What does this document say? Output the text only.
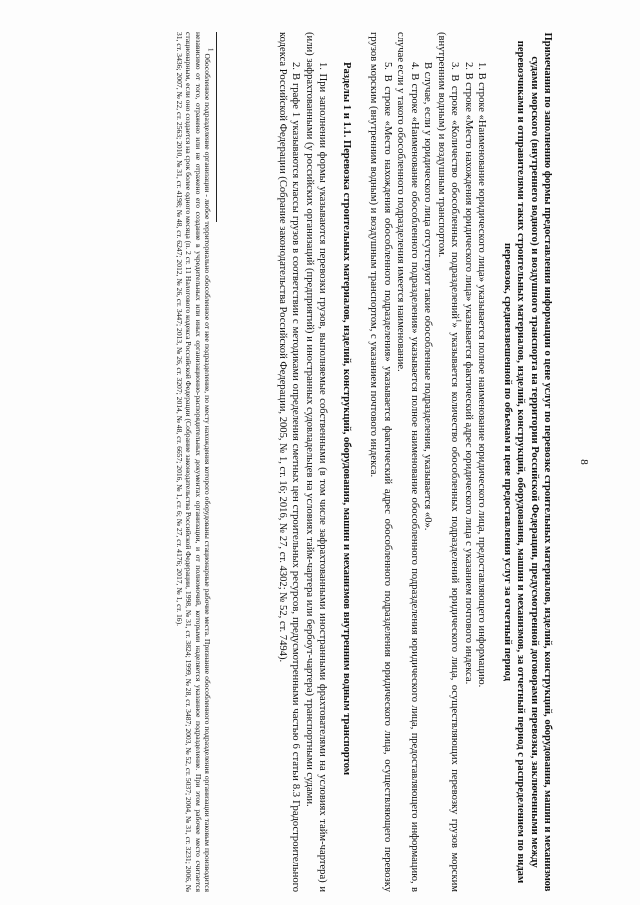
8

Примечания по заполнению формы предоставления информации о цене услуг по перевозке строительных материалов, изделий, конструкций, оборудования, машин и механизмов судами морского (внутреннего водного) и воздушного транспорта на территории Российской Федерации, предусмотренной договорами перевозки, заключенными между перевозчиками и отправителями таких строительных материалов, изделий, конструкций, оборудования, машин и механизмов, за отчетный период с распределением по видам перевозок, средневзвешенной по объемам и цене предоставления услуг за отчетный период

1. В строке «Наименование юридического лица» указывается полное наименование юридического лица, предоставляющего информацию.

2. В строке «Место нахождения юридического лица» указывается фактический адрес юридического лица с указанием почтового индекса.

3. В строке «Количество обособленных подразделений$^1$» указывается количество обособленных подразделений юридического лица, осуществляющих перевозку грузов морским (внутренним водным) и воздушным транспортом.

В случае, если у юридического лица отсутствуют такие обособленные подразделения, указывается «0».

4. В строке «Наименование обособленного подразделения» указывается полное наименование обособленного подразделения юридического лица, предоставляющего информацию, в случае если у такого обособленного подразделения имеется наименование.

5. В строке «Место нахождения обособленного подразделения» указывается фактический адрес обособленного подразделения юридического лица, осуществляющего перевозку грузов морским (внутренним водным) и воздушным транспортом, с указанием почтового индекса.

Разделы 1 и 1.1. Перевозка строительных материалов, изделий, конструкций, оборудования, машин и механизмов внутренним водным транспортом

1. При заполнении формы указываются перевозки грузов, выполняемые собственными (в том числе зафрахтованными иностранными фрахтователями на условиях тайм-чартера) и (или) зафрахтованными (у российских организаций (предприятий) и иностранных судовладельцев на условиях тайм-чартера или бербоут-чартера) транспортными судами.

2. В графе 1 указываются классы грузов в соответствии с методиками определения сметных цен строительных ресурсов, предусмотренными частью 6 статьи 8.3 Градостроительного кодекса Российской Федерации (Собрание законодательства Российской Федерации, 2005, № 1, ст. 16; 2016, № 27, ст. 4302; № 52, ст. 7494).

$^1$ Обособленное подразделение организации - любое территориально обособленное от нее подразделение, по месту нахождения которого оборудованы стационарные рабочие места. Признание обособленного подразделения организации таковым производится независимо от того, отражено или не отражено его создание в учредительных или иных организационно-распорядительных документах организации, и от полномочий, которыми наделяется указанное подразделение. При этом рабочее место считается стационарным, если оно создается на срок более одного месяца (п. 2 ст. 11 Налогового кодекса Российской Федерации (Собрание законодательства Российской Федерации, 1998, № 31, ст. 3824; 1999, № 28, ст. 3487; 2003, № 52, ст. 5037; 2004, № 31, ст. 3231; 2006, № 31, ст. 3436; 2007, № 22, ст. 2563; 2010, № 31, ст. 4198; № 48, ст. 6247; 2012, № 26, ст. 3447; 2013, № 26, ст. 3207; 2014, № 48, ст. 6657; 2016, № 1, ст. 6; № 27, ст. 4176; 2017, № 1, ст. 16).
